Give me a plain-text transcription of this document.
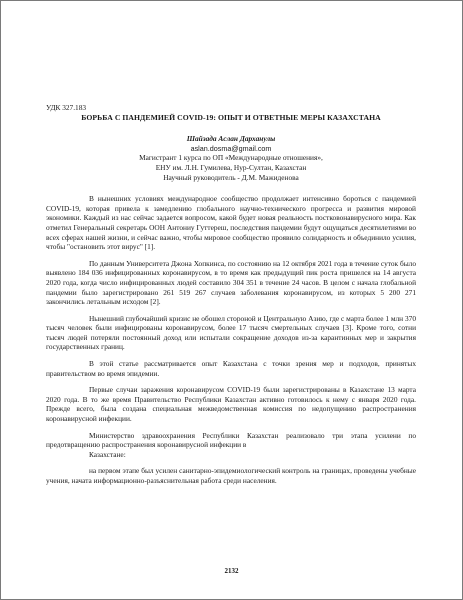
УДК 327.183

БОРЬБА С ПАНДЕМИЕЙ COVID-19: ОПЫТ И ОТВЕТНЫЕ МЕРЫ КАЗАХСТАНА

Шайзада Аслан Дарханулы
aslan.dosma@gmail.com
Магистрант 1 курса по ОП «Международные отношения»,
ЕНУ им. Л.Н. Гумилева, Нур-Султан, Казахстан
Научный руководитель - Д.М. Мажиденова

В нынешних условиях международное сообщество продолжает интенсивно бороться с пандемией COVID-19, которая привела к замедлению глобального научно-технического прогресса и развития мировой экономики. Каждый из нас сейчас задается вопросом, какой будет новая реальность постковонавирусного мира. Как отметил Генеральный секретарь ООН Антониу Гуттереш, последствия пандемии будут ощущаться десятилетиями во всех сферах нашей жизни, и сейчас важно, чтобы мировое сообщество проявило солидарность и объединило усилия, чтобы "остановить этот вирус" [1].

По данным Университета Джона Хопкинса, по состоянию на 12 октября 2021 года в течение суток было выявлено 184 036 инфицированных коронавирусом, в то время как предыдущий пик роста пришелся на 14 августа 2020 года, когда число инфицированных людей составило 304 351 в течение 24 часов. В целом с начала глобальной пандемии было зарегистрировано 261 519 267 случаев заболевания коронавирусом, из которых 5 200 271 закончились летальным исходом [2].

Нынешний глубочайший кризис не обошел стороной и Центральную Азию, где с марта более 1 млн 370 тысяч человек были инфицированы коронавирусом, более 17 тысяч смертельных случаев [3]. Кроме того, сотни тысяч людей потеряли постоянный доход или испытали сокращение доходов из-за карантинных мер и закрытия государственных границ.

В этой статье рассматривается опыт Казахстана с точки зрения мер и подходов, принятых правительством во время эпидемии.

Первые случаи заражения коронавирусом COVID-19 были зарегистрированы в Казахстане 13 марта 2020 года. В то же время Правительство Республики Казахстан активно готовилось к нему с января 2020 года. Прежде всего, была создана специальная межведомственная комиссия по недопущению распространения коронавирусной инфекции.

Министерство здравоохранения Республики Казахстан реализовало три этапа усилени по предотвращению распространения коронавирусной инфекции в

Казахстане:

на первом этапе был усилен санитарно-эпидемиологический контроль на границах, проведены учебные учения, начата информационно-разъяснительная работа среди населения.

2132
